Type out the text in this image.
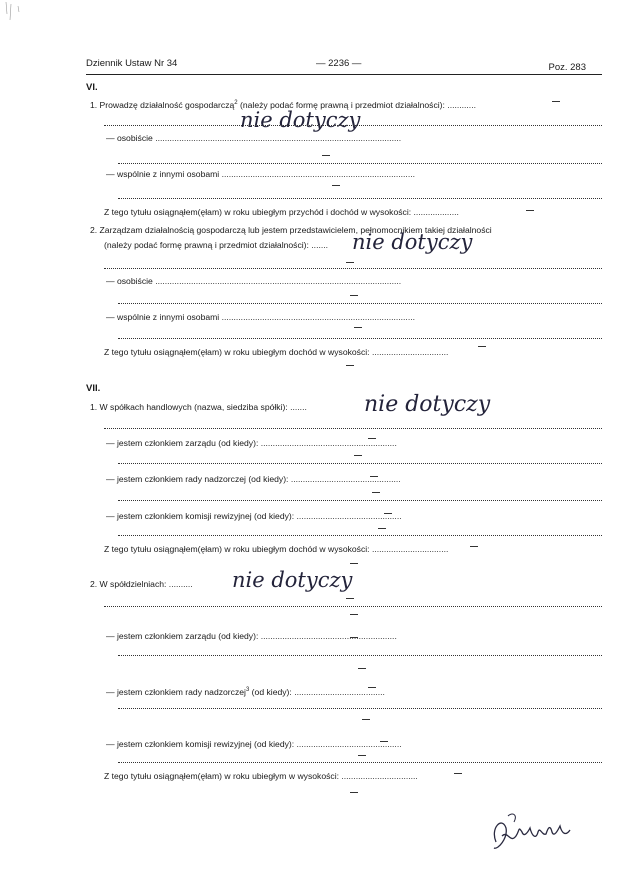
Dziennik Ustaw Nr 34	— 2236 —	Poz. 283
VI.
1. Prowadzę działalność gospodarczą$^2$ (należy podać formę prawną i przedmiot działalności): ............
nie dotyczy
— osobiście .......................................................................................................
— wspólnie z innymi osobami .................................................................................
Z tego tytułu osiągnąłem(ęłam) w roku ubiegłym przychód i dochód w wysokości: ...................
2. Zarządzam działalnością gospodarczą lub jestem przedstawicielem, pełnomocnikiem takiej działalności
(należy podać formę prawną i przedmiot działalności): ....... nie dotyczy
— osobiście .......................................................................................................
— wspólnie z innymi osobami .................................................................................
Z tego tytułu osiągnąłem(ęłam) w roku ubiegłym dochód w wysokości: ................................
VII.
1. W spółkach handlowych (nazwa, siedziba spółki): .......	nie dotyczy
— jestem członkiem zarządu (od kiedy): .........................................................
— jestem członkiem rady nadzorczej (od kiedy): ..............................................
— jestem członkiem komisji rewizyjnej (od kiedy): ............................................
Z tego tytułu osiągnąłem(ęłam) w roku ubiegłym dochód w wysokości: ................................
2. W spółdzielniach: .......... nie dotyczy
— jestem członkiem zarządu (od kiedy): .........................................................
— jestem członkiem rady nadzorczej$^3$ (od kiedy): ......................................
— jestem członkiem komisji rewizyjnej (od kiedy): ............................................
Z tego tytułu osiągnąłem(ęłam) w roku ubiegłym w wysokości: ................................
